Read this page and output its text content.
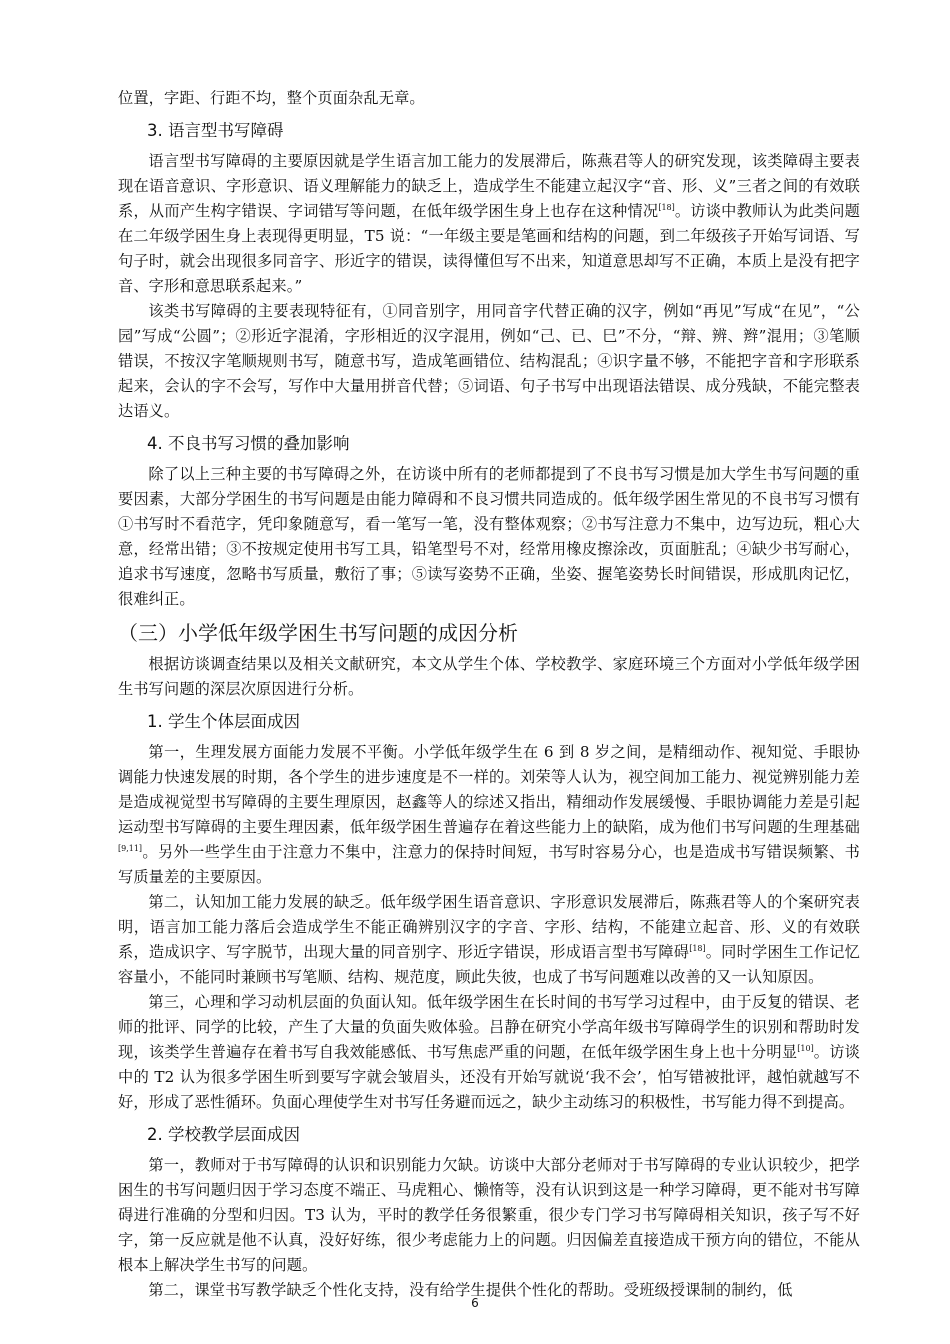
位置，字距、行距不均，整个页面杂乱无章。

3. 语言型书写障碍

语言型书写障碍的主要原因就是学生语言加工能力的发展滞后，陈燕君等人的研究发现，该类障碍主要表现在语音意识、字形意识、语义理解能力的缺乏上，造成学生不能建立起汉字“音、形、义”三者之间的有效联系，从而产生构字错误、字词错写等问题，在低年级学困生身上也存在这种情况[18]。访谈中教师认为此类问题在二年级学困生身上表现得更明显，T5 说：“一年级主要是笔画和结构的问题，到二年级孩子开始写词语、写句子时，就会出现很多同音字、形近字的错误，读得懂但写不出来，知道意思却写不正确，本质上是没有把字音、字形和意思联系起来。”

该类书写障碍的主要表现特征有，①同音别字，用同音字代替正确的汉字，例如“再见”写成“在见”，“公园”写成“公圆”；②形近字混淆，字形相近的汉字混用，例如“己、已、巳”不分，“辩、辨、辫”混用；③笔顺错误，不按汉字笔顺规则书写，随意书写，造成笔画错位、结构混乱；④识字量不够，不能把字音和字形联系起来，会认的字不会写，写作中大量用拼音代替；⑤词语、句子书写中出现语法错误、成分残缺，不能完整表达语义。

4. 不良书写习惯的叠加影响

除了以上三种主要的书写障碍之外，在访谈中所有的老师都提到了不良书写习惯是加大学生书写问题的重要因素，大部分学困生的书写问题是由能力障碍和不良习惯共同造成的。低年级学困生常见的不良书写习惯有①书写时不看范字，凭印象随意写，看一笔写一笔，没有整体观察；②书写注意力不集中，边写边玩，粗心大意，经常出错；③不按规定使用书写工具，铅笔型号不对，经常用橡皮擦涂改，页面脏乱；④缺少书写耐心，追求书写速度，忽略书写质量，敷衍了事；⑤读写姿势不正确，坐姿、握笔姿势长时间错误，形成肌肉记忆，很难纠正。

（三）小学低年级学困生书写问题的成因分析

根据访谈调查结果以及相关文献研究，本文从学生个体、学校教学、家庭环境三个方面对小学低年级学困生书写问题的深层次原因进行分析。

1. 学生个体层面成因

第一，生理发展方面能力发展不平衡。小学低年级学生在 6 到 8 岁之间，是精细动作、视知觉、手眼协调能力快速发展的时期，各个学生的进步速度是不一样的。刘荣等人认为，视空间加工能力、视觉辨别能力差是造成视觉型书写障碍的主要生理原因，赵鑫等人的综述又指出，精细动作发展缓慢、手眼协调能力差是引起运动型书写障碍的主要生理因素，低年级学困生普遍存在着这些能力上的缺陷，成为他们书写问题的生理基础[9,11]。另外一些学生由于注意力不集中，注意力的保持时间短，书写时容易分心，也是造成书写错误频繁、书写质量差的主要原因。

第二，认知加工能力发展的缺乏。低年级学困生语音意识、字形意识发展滞后，陈燕君等人的个案研究表明，语言加工能力落后会造成学生不能正确辨别汉字的字音、字形、结构，不能建立起音、形、义的有效联系，造成识字、写字脱节，出现大量的同音别字、形近字错误，形成语言型书写障碍[18]。同时学困生工作记忆容量小，不能同时兼顾书写笔顺、结构、规范度，顾此失彼，也成了书写问题难以改善的又一认知原因。

第三，心理和学习动机层面的负面认知。低年级学困生在长时间的书写学习过程中，由于反复的错误、老师的批评、同学的比较，产生了大量的负面失败体验。吕静在研究小学高年级书写障碍学生的识别和帮助时发现，该类学生普遍存在着书写自我效能感低、书写焦虑严重的问题，在低年级学困生身上也十分明显[10]。访谈中的 T2 认为很多学困生听到要写字就会皱眉头，还没有开始写就说‘我不会’，怕写错被批评，越怕就越写不好，形成了恶性循环。负面心理使学生对书写任务避而远之，缺少主动练习的积极性，书写能力得不到提高。

2. 学校教学层面成因

第一，教师对于书写障碍的认识和识别能力欠缺。访谈中大部分老师对于书写障碍的专业认识较少，把学困生的书写问题归因于学习态度不端正、马虎粗心、懒惰等，没有认识到这是一种学习障碍，更不能对书写障碍进行准确的分型和归因。T3 认为，平时的教学任务很繁重，很少专门学习书写障碍相关知识，孩子写不好字，第一反应就是他不认真，没好好练，很少考虑能力上的问题。归因偏差直接造成干预方向的错位，不能从根本上解决学生书写的问题。

第二，课堂书写教学缺乏个性化支持，没有给学生提供个性化的帮助。受班级授课制的制约，低

6
